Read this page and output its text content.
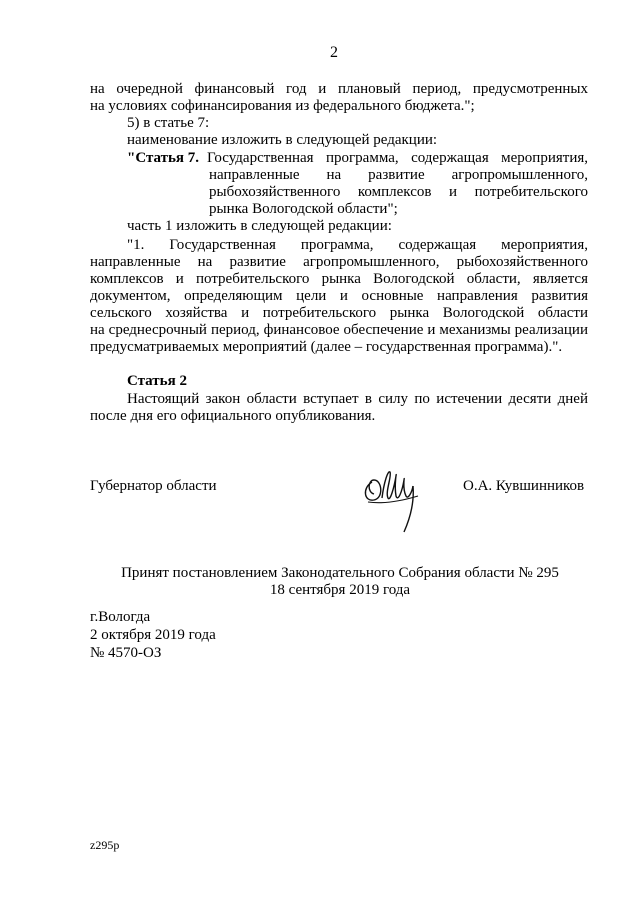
2
на очередной финансовый год и плановый период, предусмотренных
на условиях софинансирования из федерального бюджета.";
5) в статье 7:
наименование изложить в следующей редакции:
" Статья 7. Государственная программа, содержащая мероприятия,
направленные на развитие агропромышленного,
рыбохозяйственного комплексов и потребительского
рынка Вологодской области";
часть 1 изложить в следующей редакции:
"1. Государственная программа, содержащая мероприятия,
направленные на развитие агропромышленного, рыбохозяйственного
комплексов и потребительского рынка Вологодской области, является
документом, определяющим цели и основные направления развития
сельского хозяйства и потребительского рынка Вологодской области
на среднесрочный период, финансовое обеспечение и механизмы реализации
предусматриваемых мероприятий (далее – государственная программа).".
Статья 2
Настоящий закон области вступает в силу по истечении десяти дней
после дня его официального опубликования.
Губернатор области	О.А. Кувшинников
Принят постановлением Законодательного Собрания области № 295
18 сентября 2019 года
г.Вологда
2 октября 2019 года
№ 4570-ОЗ
z295p
